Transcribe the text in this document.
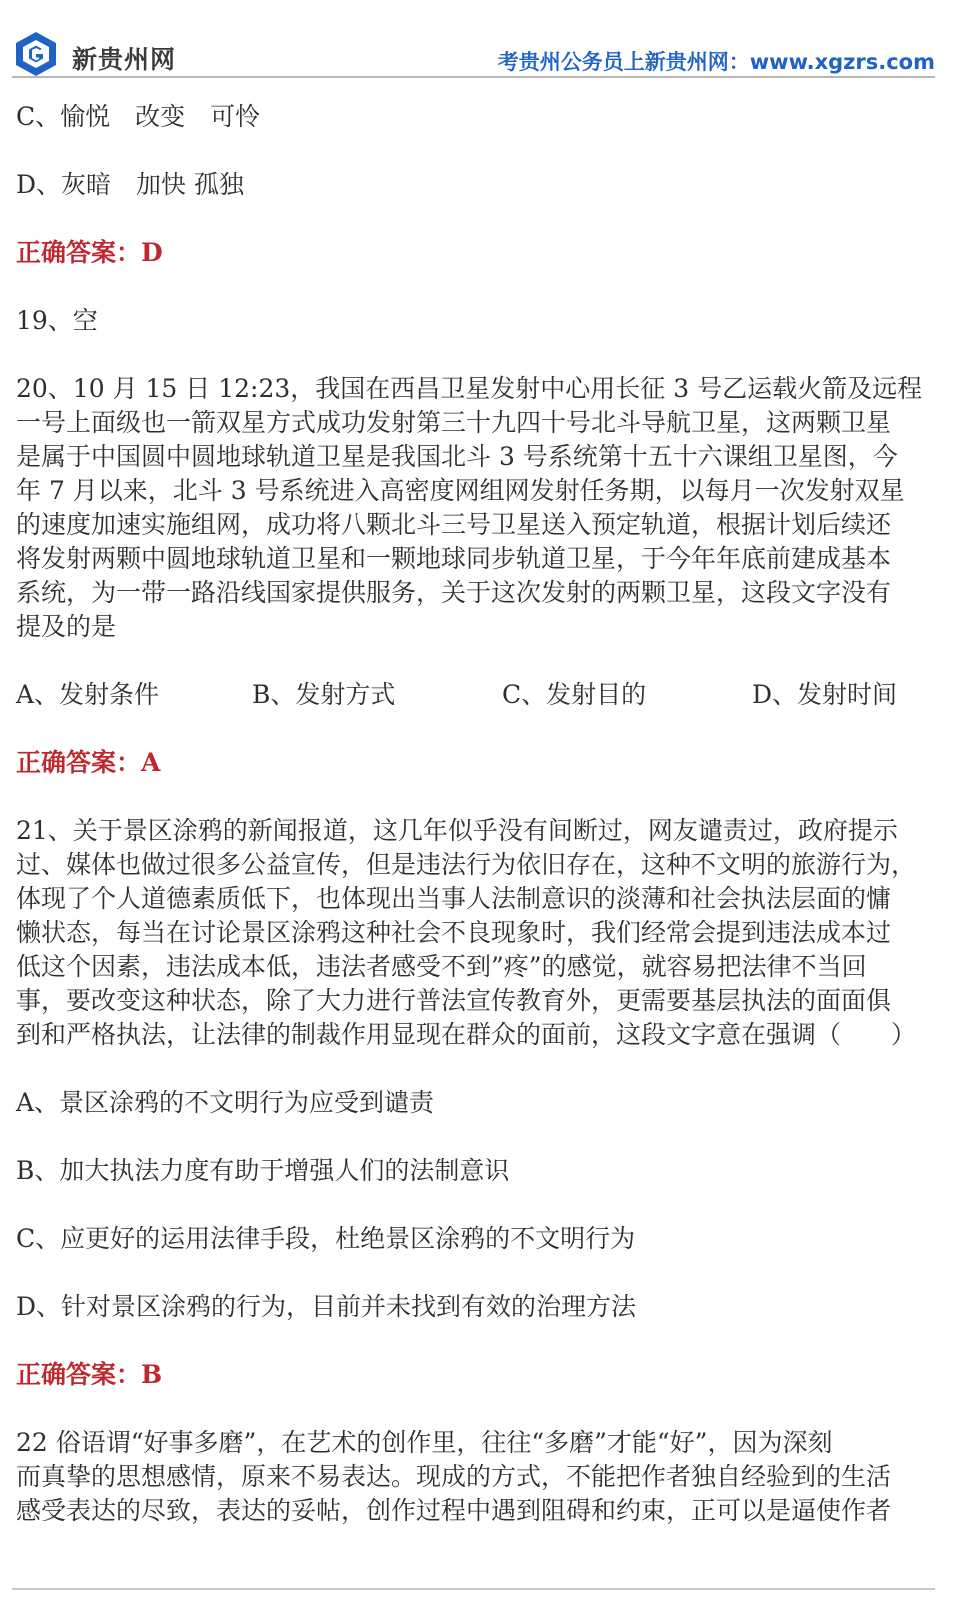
新贵州网	考贵州公务员上新贵州网：www.xgzrs.com
C、愉悦　改变　可怜
D、灰暗　加快 孤独
正确答案：D
19、空
20、10 月 15 日 12:23，我国在西昌卫星发射中心用长征 3 号乙运载火箭及远程
一号上面级也一箭双星方式成功发射第三十九四十号北斗导航卫星，这两颗卫星
是属于中国圆中圆地球轨道卫星是我国北斗 3 号系统第十五十六课组卫星图，今
年 7 月以来，北斗 3 号系统进入高密度网组网发射任务期，以每月一次发射双星
的速度加速实施组网，成功将八颗北斗三号卫星送入预定轨道，根据计划后续还
将发射两颗中圆地球轨道卫星和一颗地球同步轨道卫星，于今年年底前建成基本
系统，为一带一路沿线国家提供服务，关于这次发射的两颗卫星，这段文字没有
提及的是
A、发射条件	B、发射方式	C、发射目的	D、发射时间
正确答案：A
21、关于景区涂鸦的新闻报道，这几年似乎没有间断过，网友谴责过，政府提示
过、媒体也做过很多公益宣传，但是违法行为依旧存在，这种不文明的旅游行为，
体现了个人道德素质低下，也体现出当事人法制意识的淡薄和社会执法层面的慵
懒状态，每当在讨论景区涂鸦这种社会不良现象时，我们经常会提到违法成本过
低这个因素，违法成本低，违法者感受不到”疼”的感觉，就容易把法律不当回
事，要改变这种状态，除了大力进行普法宣传教育外，更需要基层执法的面面俱
到和严格执法，让法律的制裁作用显现在群众的面前，这段文字意在强调（　　）
A、景区涂鸦的不文明行为应受到谴责
B、加大执法力度有助于增强人们的法制意识
C、应更好的运用法律手段，杜绝景区涂鸦的不文明行为
D、针对景区涂鸦的行为，目前并未找到有效的治理方法
正确答案：B
22 俗语谓“好事多磨”，在艺术的创作里，往往“多磨”才能“好”，因为深刻
而真挚的思想感情，原来不易表达。现成的方式，不能把作者独自经验到的生活
感受表达的尽致，表达的妥帖，创作过程中遇到阻碍和约束，正可以是逼使作者
